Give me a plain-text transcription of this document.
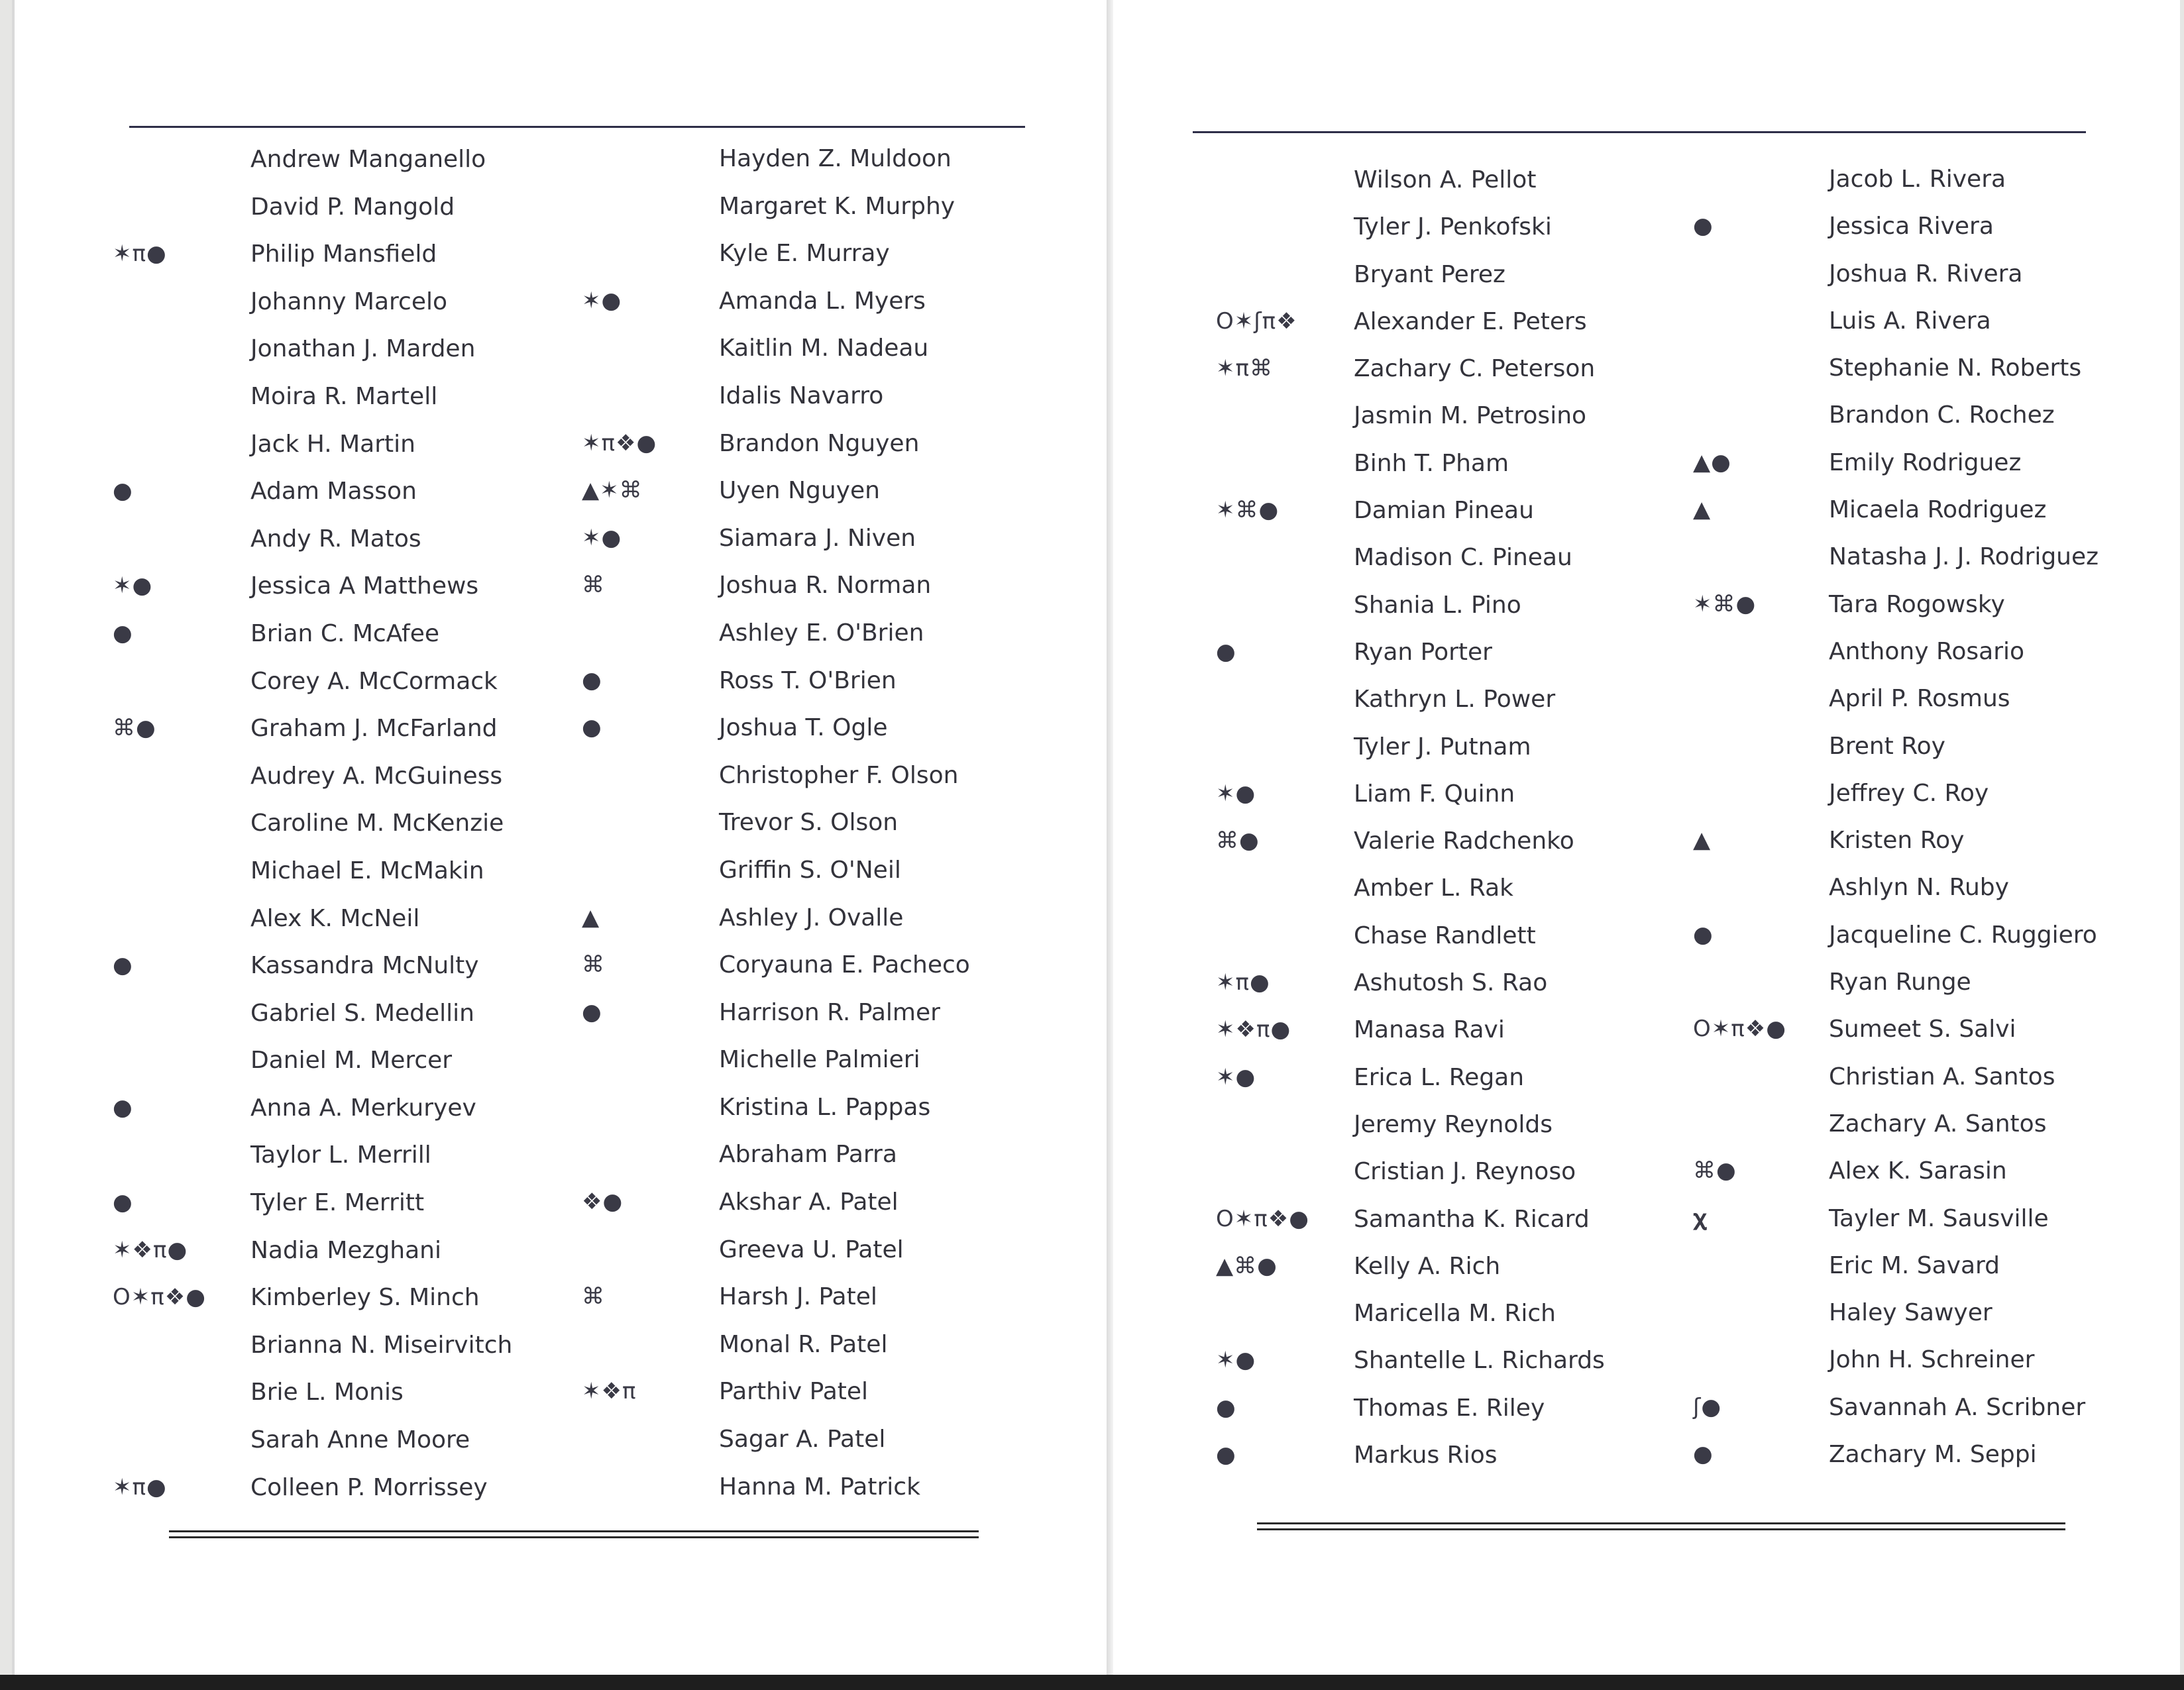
Andrew Manganello
David P. Mangold
✶π●	Philip Mansfield
Johanny Marcelo
Jonathan J. Marden
Moira R. Martell
Jack H. Martin
●	Adam Masson
Andy R. Matos
✶●	Jessica A Matthews
●	Brian C. McAfee
Corey A. McCormack
⌘●	Graham J. McFarland
Audrey A. McGuiness
Caroline M. McKenzie
Michael E. McMakin
Alex K. McNeil
●	Kassandra McNulty
Gabriel S. Medellin
Daniel M. Mercer
●	Anna A. Merkuryev
Taylor L. Merrill
●	Tyler E. Merritt
✶❖π●	Nadia Mezghani
O✶π❖● Kimberley S. Minch
Brianna N. Miseirvitch
Brie L. Monis
Sarah Anne Moore
✶π●	Colleen P. Morrissey
Hayden Z. Muldoon
Margaret K. Murphy
Kyle E. Murray
✶●	Amanda L. Myers
Kaitlin M. Nadeau
Idalis Navarro
✶π❖●	Brandon Nguyen
▲✶⌘	Uyen Nguyen
✶●	Siamara J. Niven
⌘	Joshua R. Norman
Ashley E. O'Brien
●	Ross T. O'Brien
●	Joshua T. Ogle
Christopher F. Olson
Trevor S. Olson
Griffin S. O'Neil
▲	Ashley J. Ovalle
⌘	Coryauna E. Pacheco
●	Harrison R. Palmer
Michelle Palmieri
Kristina L. Pappas
Abraham Parra
❖●	Akshar A. Patel
Greeva U. Patel
⌘	Harsh J. Patel
Monal R. Patel
✶❖π	Parthiv Patel
Sagar A. Patel
Hanna M. Patrick
Wilson A. Pellot
Tyler J. Penkofski
Bryant Perez
O✶ʃπ❖ Alexander E. Peters
✶π⌘	Zachary C. Peterson
Jasmin M. Petrosino
Binh T. Pham
✶⌘●	Damian Pineau
Madison C. Pineau
Shania L. Pino
●	Ryan Porter
Kathryn L. Power
Tyler J. Putnam
✶●	Liam F. Quinn
⌘●	Valerie Radchenko
Amber L. Rak
Chase Randlett
✶π●	Ashutosh S. Rao
✶❖π●	Manasa Ravi
✶●	Erica L. Regan
Jeremy Reynolds
Cristian J. Reynoso
O✶π❖● Samantha K. Ricard
▲⌘●	Kelly A. Rich
Maricella M. Rich
✶●	Shantelle L. Richards
●	Thomas E. Riley
●	Markus Rios
Jacob L. Rivera
●	Jessica Rivera
Joshua R. Rivera
Luis A. Rivera
Stephanie N. Roberts
Brandon C. Rochez
▲●	Emily Rodriguez
▲	Micaela Rodriguez
Natasha J. J. Rodriguez
✶⌘●	Tara Rogowsky
Anthony Rosario
April P. Rosmus
Brent Roy
Jeffrey C. Roy
▲	Kristen Roy
Ashlyn N. Ruby
●	Jacqueline C. Ruggiero
Ryan Runge
O✶π❖● Sumeet S. Salvi
Christian A. Santos
Zachary A. Santos
⌘●	Alex K. Sarasin
𝛘	Tayler M. Sausville
Eric M. Savard
Haley Sawyer
John H. Schreiner
ʃ●	Savannah A. Scribner
●	Zachary M. Seppi
